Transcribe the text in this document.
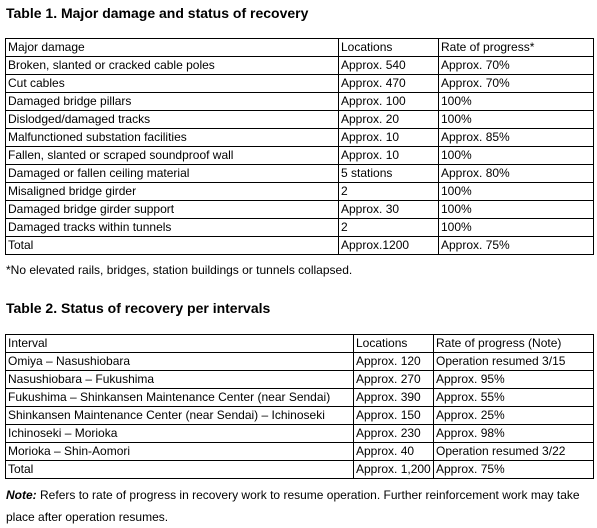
Table 1. Major damage and status of recovery
Major damage	Locations	Rate of progress*
Broken, slanted or cracked cable poles	Approx. 540	Approx. 70%
Cut cables	Approx. 470	Approx. 70%
Damaged bridge pillars	Approx. 100	100%
Dislodged/damaged tracks	Approx. 20	100%
Malfunctioned substation facilities	Approx. 10	Approx. 85%
Fallen, slanted or scraped soundproof wall	Approx. 10	100%
Damaged or fallen ceiling material	5 stations	Approx. 80%
Misaligned bridge girder	2	100%
Damaged bridge girder support	Approx. 30	100%
Damaged tracks within tunnels	2	100%
Total	Approx.1200	Approx. 75%
*No elevated rails, bridges, station buildings or tunnels collapsed.
Table 2. Status of recovery per intervals
Interval	Locations	Rate of progress (Note)
Omiya – Nasushiobara	Approx. 120	Operation resumed 3/15
Nasushiobara – Fukushima	Approx. 270	Approx. 95%
Fukushima – Shinkansen Maintenance Center (near Sendai)	Approx. 390	Approx. 55%
Shinkansen Maintenance Center (near Sendai) – Ichinoseki	Approx. 150	Approx. 25%
Ichinoseki – Morioka	Approx. 230	Approx. 98%
Morioka – Shin-Aomori	Approx. 40	Operation resumed 3/22
Total	Approx. 1,200	Approx. 75%
Note: Refers to rate of progress in recovery work to resume operation. Further reinforcement work may take place after operation resumes.
